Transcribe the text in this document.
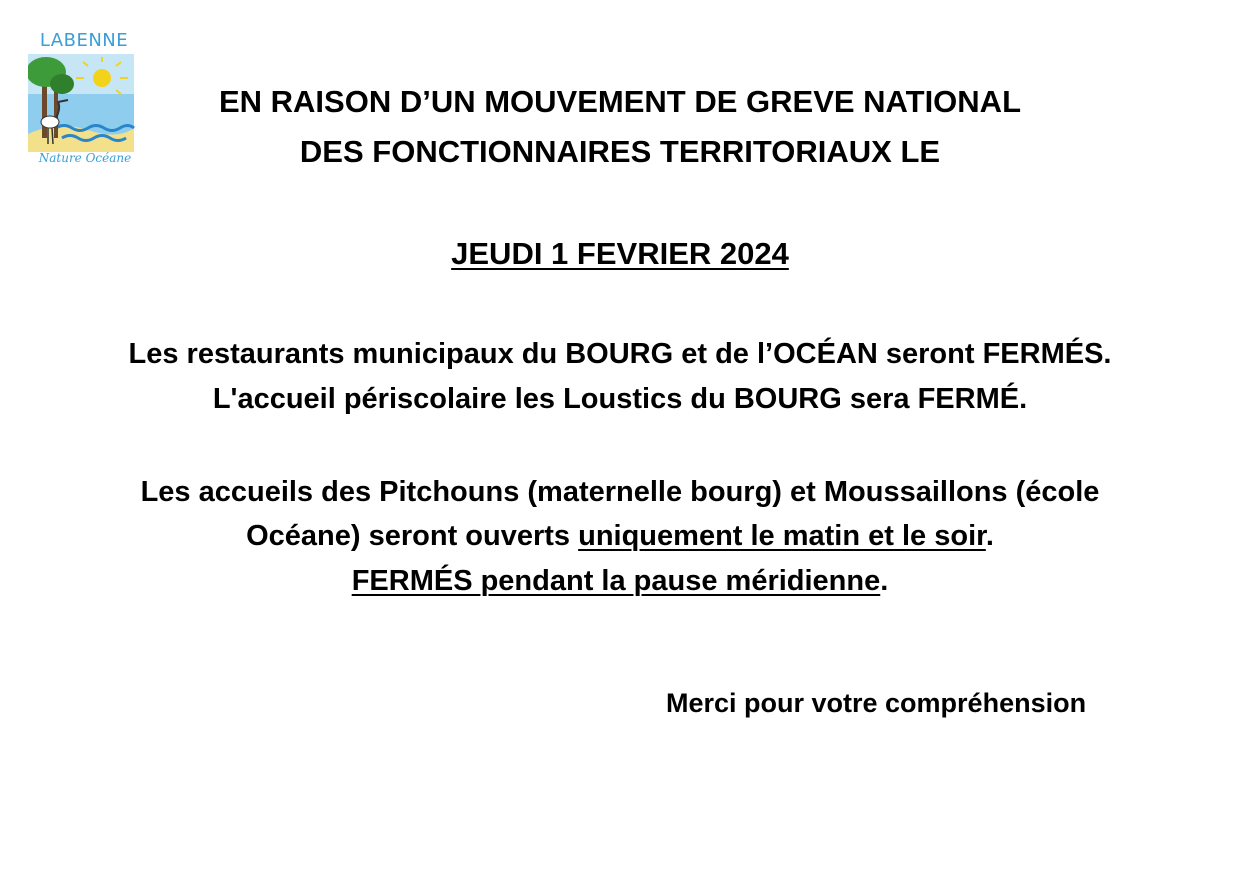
LABENNE
Nature Océane
EN RAISON D’UN MOUVEMENT DE GREVE NATIONAL
DES FONCTIONNAIRES TERRITORIAUX LE
JEUDI 1 FEVRIER 2024
Les restaurants municipaux du BOURG et de l’OCÉAN seront FERMÉS.
L'accueil périscolaire les Loustics du BOURG sera FERMÉ.
Les accueils des Pitchouns (maternelle bourg) et Moussaillons (école
Océane) seront ouverts uniquement le matin et le soir.
FERMÉS pendant la pause méridienne.
Merci pour votre compréhension
